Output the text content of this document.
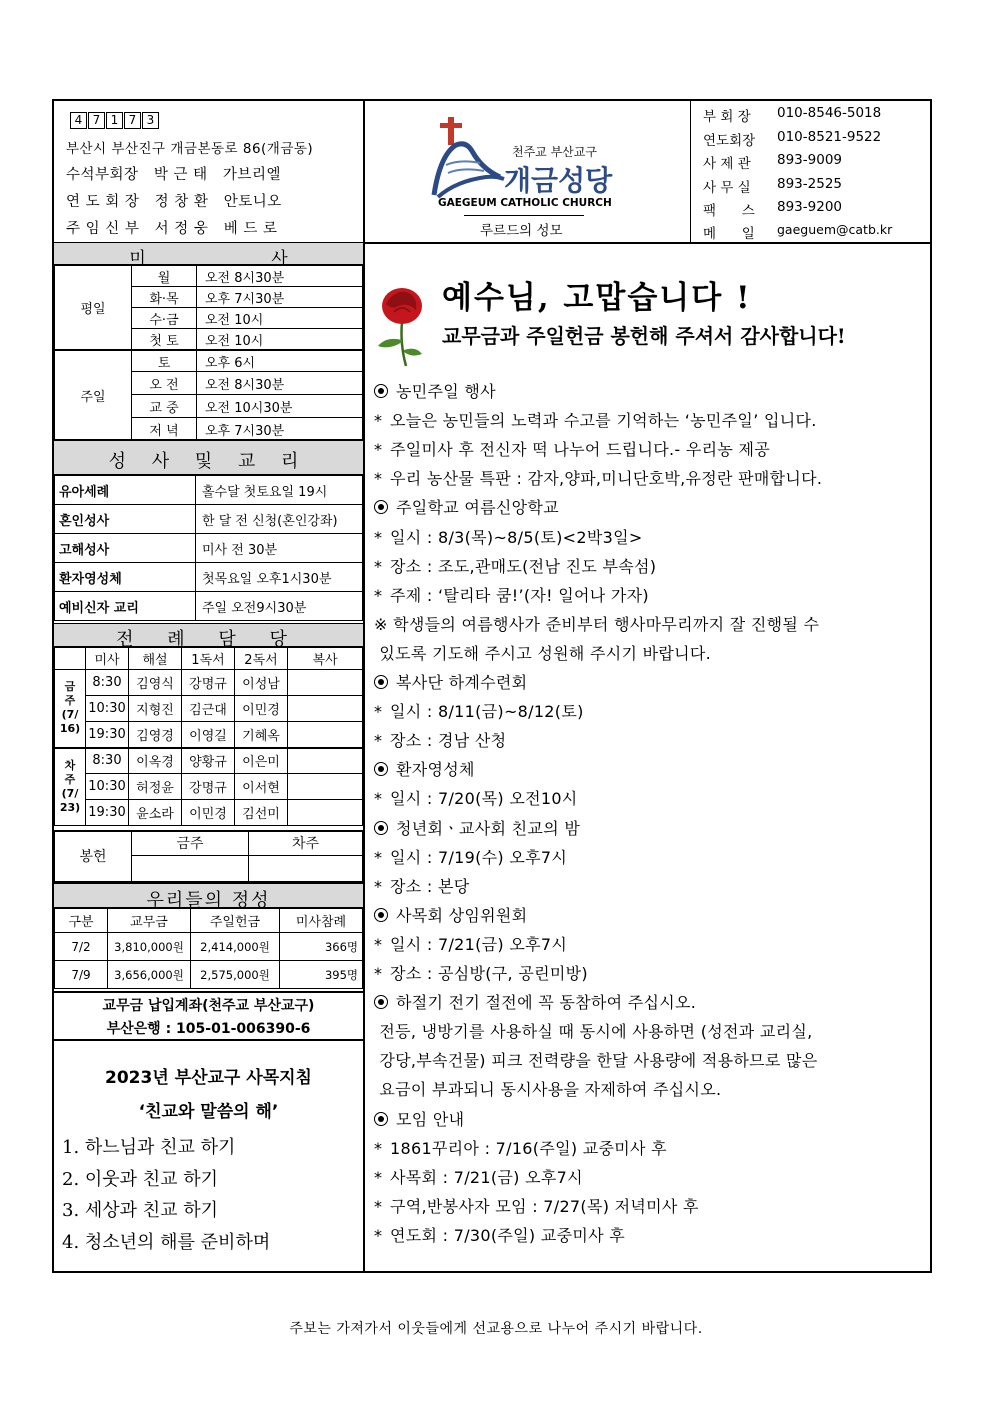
4 7 1 7 3
부산시 부산진구 개금본동로 86(개금동)
수석부회장   박 근 태   가브리엘
연 도 회 장   정 창 환   안토니오
주 임 신 부   서 정 웅   베 드 로
천주교 부산교구
개금성당
GAEGEUM CATHOLIC CHURCH
루르드의 성모
부 회 장 010-8546-5018
연도회장 010-8521-9522
사 제 관 893-9009
사 무 실 893-2525
팩      스 893-9200
메      일 gaeguem@catb.kr
미 사
평일	월	오전 8시30분
	화·목	오후 7시30분
	수·금	오전 10시
	첫 토	오전 10시
주일	토	오후 6시
	오 전	오전 8시30분
	교 중	오전 10시30분
	저 녁	오후 7시30분
성 사 및 교 리
유아세례	홀수달 첫토요일 19시
혼인성사	한 달 전 신청(혼인강좌)
고해성사	미사 전 30분
환자영성체	첫목요일 오후1시30분
예비신자 교리	주일 오전9시30분
전 례 담 당
	미사	해설	1독서	2독서	복사
금
주
(7/
16)	8:30	김영식	강명규	이성남	
	10:30	지형진	김근대	이민경	
	19:30	김영경	이영길	기혜옥	
차
주
(7/
23)	8:30	이옥경	양황규	이은미	
	10:30	허정윤	강명규	이서현	
	19:30	윤소라	이민경	김선미	
봉헌	금주	차주

우리들의 정성
구분	교무금	주일헌금	미사참례
7/2	3,810,000원	2,414,000원	366명
7/9	3,656,000원	2,575,000원	395명
교무금 납입계좌(천주교 부산교구)
부산은행 : 105-01-006390-6
2023년 부산교구 사목지침
‘친교와 말씀의 해’
1. 하느님과 친교 하기
2. 이웃과 친교 하기
3. 세상과 친교 하기
4. 청소년의 해를 준비하며
예수님, 고맙습니다 !
교무금과 주일헌금 봉헌해 주셔서 감사합니다!
농민주일 행사
* 오늘은 농민들의 노력과 수고를 기억하는 ‘농민주일’ 입니다.
* 주일미사 후 전신자 떡 나누어 드립니다.- 우리농 제공
* 우리 농산물 특판 : 감자,양파,미니단호박,유정란 판매합니다.
주일학교 여름신앙학교
* 일시 : 8/3(목)~8/5(토)<2박3일>
* 장소 : 조도,관매도(전남 진도 부속섬)
* 주제 : ‘탈리타 쿰!’(자! 일어나 가자)
※ 학생들의 여름행사가 준비부터 행사마무리까지 잘 진행될 수
있도록 기도해 주시고 성원해 주시기 바랍니다.
복사단 하계수련회
* 일시 : 8/11(금)~8/12(토)
* 장소 : 경남 산청
환자영성체
* 일시 : 7/20(목) 오전10시
청년회ㆍ교사회 친교의 밤
* 일시 : 7/19(수) 오후7시
* 장소 : 본당
사목회 상임위원회
* 일시 : 7/21(금) 오후7시
* 장소 : 공심방(구, 공린미방)
하절기 전기 절전에 꼭 동참하여 주십시오.
전등, 냉방기를 사용하실 때 동시에 사용하면 (성전과 교리실,
강당,부속건물) 피크 전력량을 한달 사용량에 적용하므로 많은
요금이 부과되니 동시사용을 자제하여 주십시오.
모임 안내
* 1861꾸리아 : 7/16(주일) 교중미사 후
* 사목회 : 7/21(금) 오후7시
* 구역,반봉사자 모임 : 7/27(목) 저녁미사 후
* 연도회 : 7/30(주일) 교중미사 후
주보는 가져가서 이웃들에게 선교용으로 나누어 주시기 바랍니다.
